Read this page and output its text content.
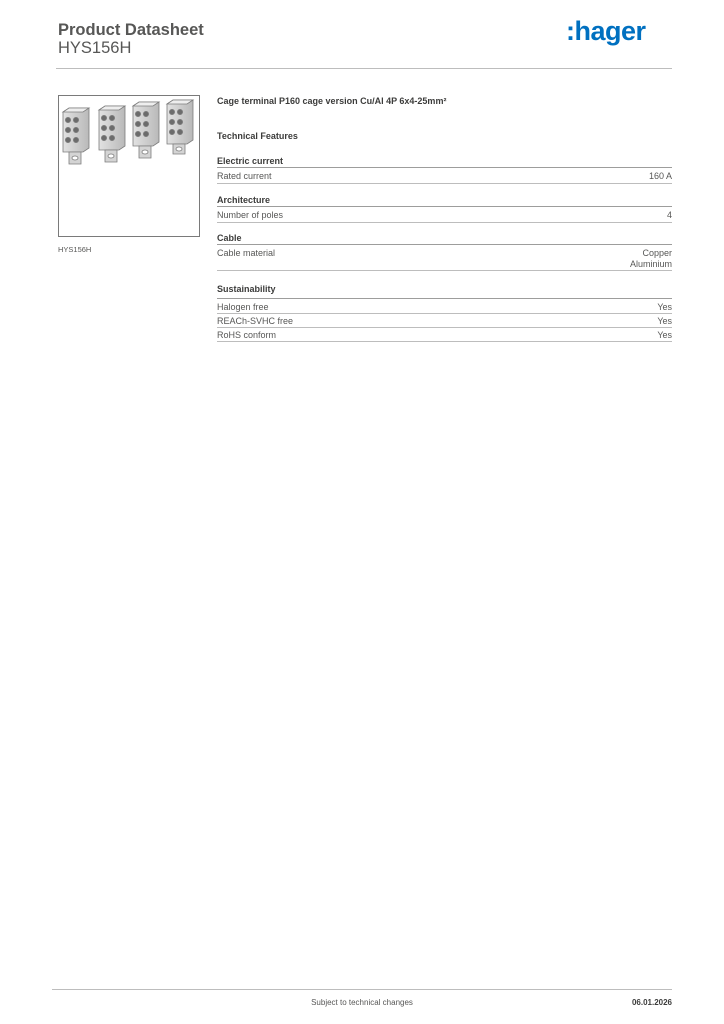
Product Datasheet
HYS156H
:hager
HYS156H
Cage terminal P160 cage version Cu/Al 4P 6x4-25mm²
Technical Features
Electric current
Rated current	160 A
Architecture
Number of poles	4
Cable
Cable material	Copper
Aluminium
Sustainability
Halogen free	Yes
REACh-SVHC free	Yes
RoHS conform	Yes
Subject to technical changes	06.01.2026
